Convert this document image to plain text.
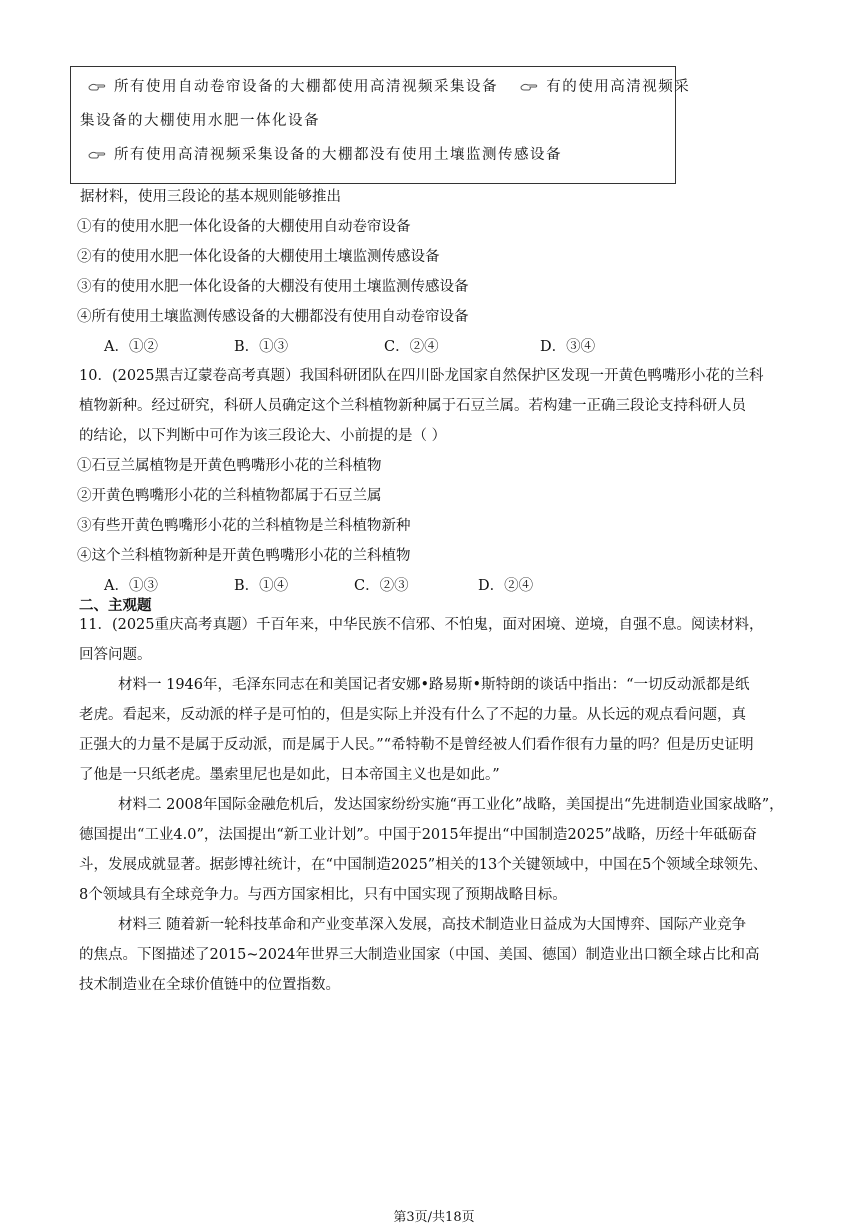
所有使用自动卷帘设备的大棚都使用高清视频采集设备	有的使用高清视频采
集设备的大棚使用水肥一体化设备
所有使用高清视频采集设备的大棚都没有使用土壤监测传感设备
据材料，使用三段论的基本规则能够推出
①有的使用水肥一体化设备的大棚使用自动卷帘设备
②有的使用水肥一体化设备的大棚使用土壤监测传感设备
③有的使用水肥一体化设备的大棚没有使用土壤监测传感设备
④所有使用土壤监测传感设备的大棚都没有使用自动卷帘设备
A．①②	B．①③	C．②④	D．③④
10．(2025黑吉辽蒙卷高考真题）我国科研团队在四川卧龙国家自然保护区发现一开黄色鸭嘴形小花的兰科
植物新种。经过研究，科研人员确定这个兰科植物新种属于石豆兰属。若构建一正确三段论支持科研人员
的结论，以下判断中可作为该三段论大、小前提的是（ ）
①石豆兰属植物是开黄色鸭嘴形小花的兰科植物
②开黄色鸭嘴形小花的兰科植物都属于石豆兰属
③有些开黄色鸭嘴形小花的兰科植物是兰科植物新种
④这个兰科植物新种是开黄色鸭嘴形小花的兰科植物
A．①③	B．①④	C．②③	D．②④
二、主观题
11．(2025重庆高考真题）千百年来，中华民族不信邪、不怕鬼，面对困境、逆境，自强不息。阅读材料，
回答问题。
材料一 1946年，毛泽东同志在和美国记者安娜•路易斯•斯特朗的谈话中指出：“一切反动派都是纸
老虎。看起来，反动派的样子是可怕的，但是实际上并没有什么了不起的力量。从长远的观点看问题，真
正强大的力量不是属于反动派，而是属于人民。”“希特勒不是曾经被人们看作很有力量的吗？但是历史证明
了他是一只纸老虎。墨索里尼也是如此，日本帝国主义也是如此。”
材料二 2008年国际金融危机后，发达国家纷纷实施“再工业化”战略，美国提出“先进制造业国家战略”，
德国提出“工业4.0”，法国提出“新工业计划”。中国于2015年提出“中国制造2025”战略，历经十年砥砺奋
斗，发展成就显著。据彭博社统计，在“中国制造2025”相关的13个关键领域中，中国在5个领域全球领先、
8个领域具有全球竞争力。与西方国家相比，只有中国实现了预期战略目标。
材料三 随着新一轮科技革命和产业变革深入发展，高技术制造业日益成为大国博弈、国际产业竞争
的焦点。下图描述了2015~2024年世界三大制造业国家（中国、美国、德国）制造业出口额全球占比和高
技术制造业在全球价值链中的位置指数。
第3页/共18页
